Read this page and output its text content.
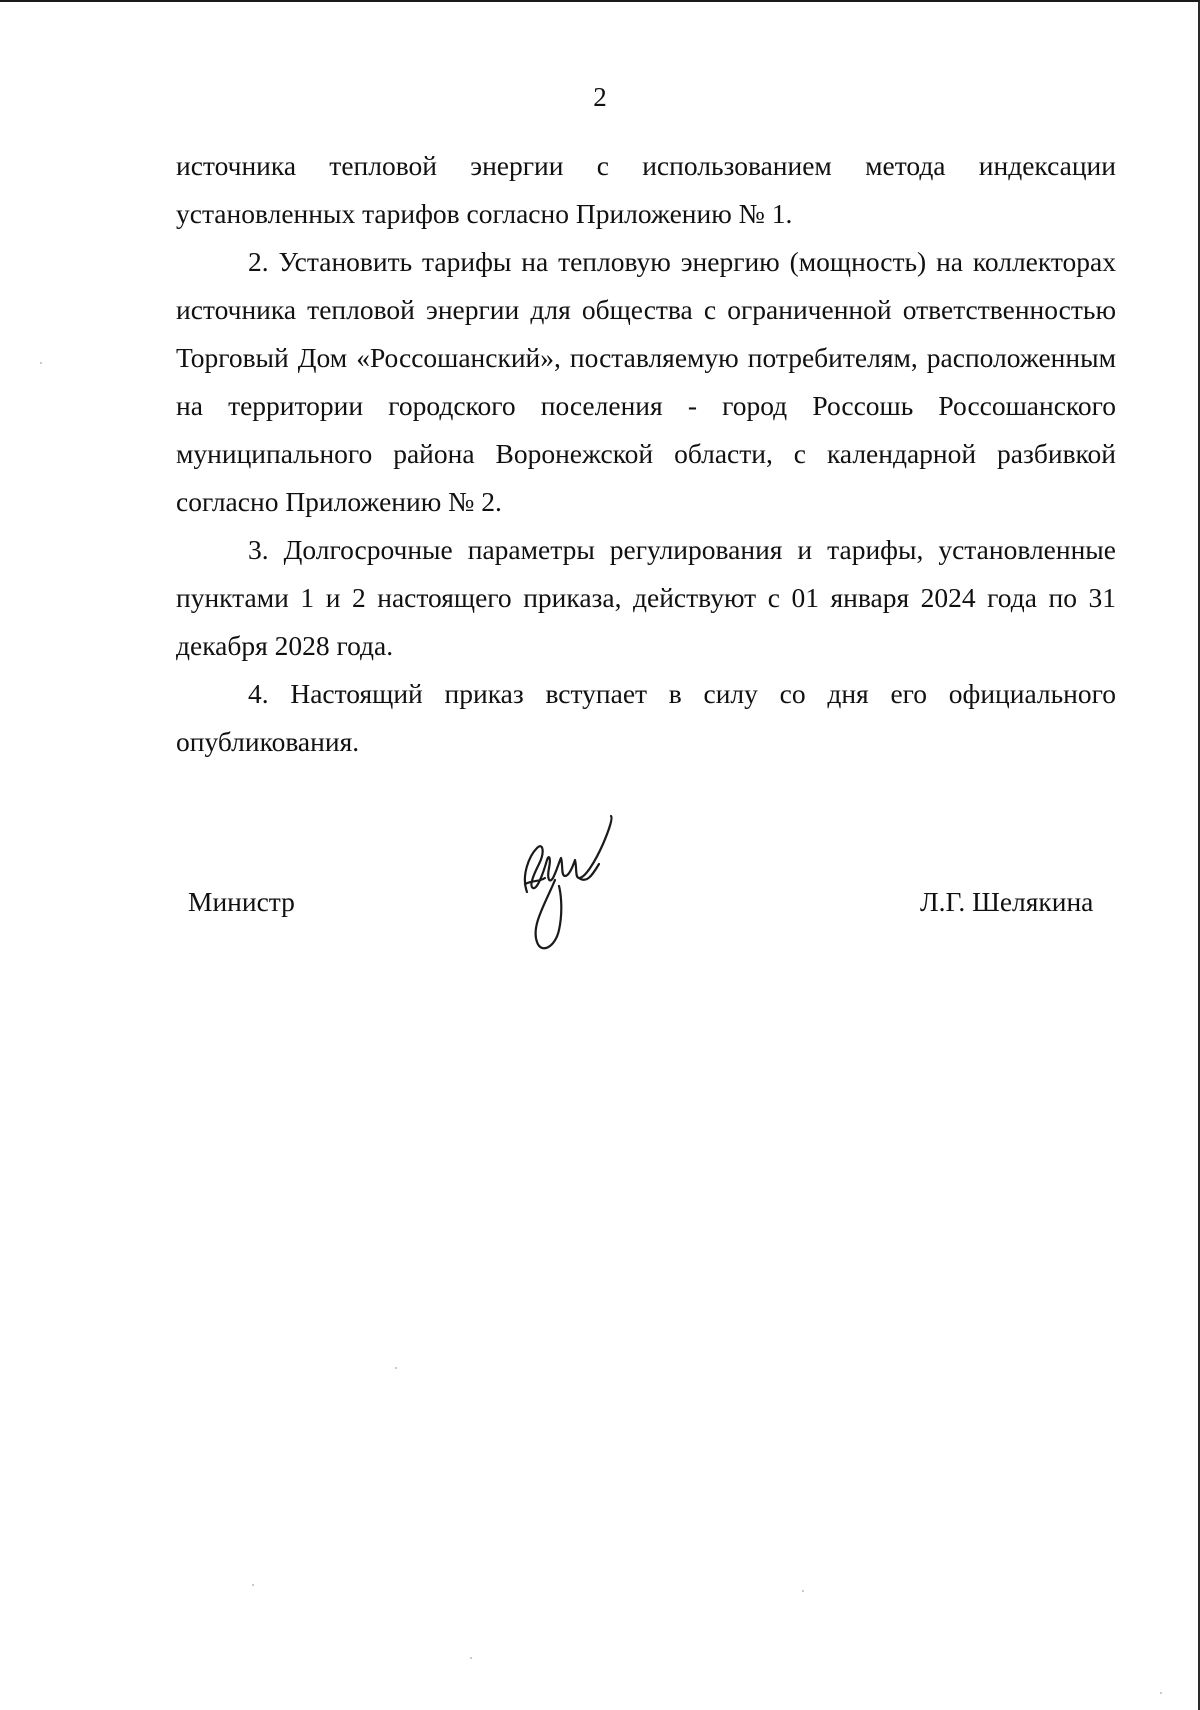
2

источника тепловой энергии с использованием метода индексации установленных тарифов согласно Приложению № 1.

2. Установить тарифы на тепловую энергию (мощность) на коллекторах источника тепловой энергии для общества с ограниченной ответственностью Торговый Дом «Россошанский», поставляемую потребителям, расположенным на территории городского поселения - город Россошь Россошанского муниципального района Воронежской области, с календарной разбивкой согласно Приложению № 2.

3. Долгосрочные параметры регулирования и тарифы, установленные пунктами 1 и 2 настоящего приказа, действуют с 01 января 2024 года по 31 декабря 2028 года.

4. Настоящий приказ вступает в силу со дня его официального опубликования.

Министр	Л.Г. Шелякина
